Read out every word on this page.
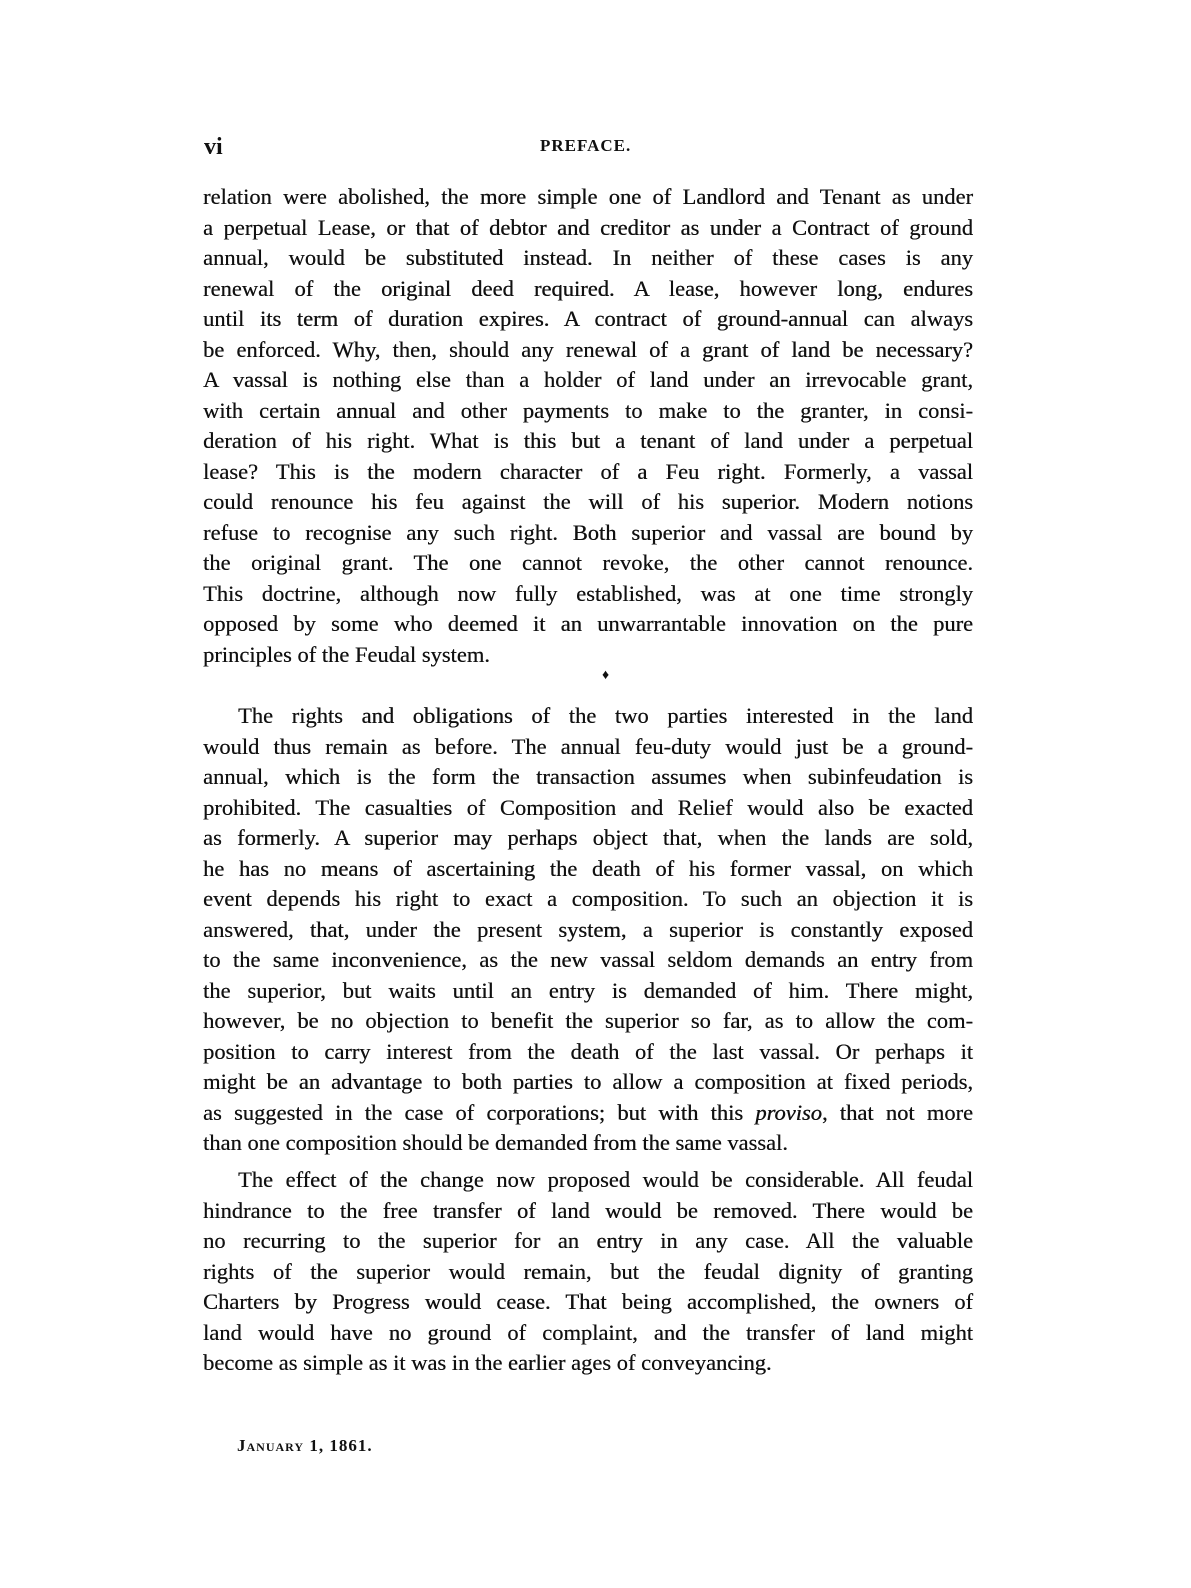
vi	PREFACE.
relation were abolished, the more simple one of Landlord and Tenant as under
a perpetual Lease, or that of debtor and creditor as under a Contract of ground
annual, would be substituted instead. In neither of these cases is any
renewal of the original deed required. A lease, however long, endures
until its term of duration expires. A contract of ground-annual can always
be enforced. Why, then, should any renewal of a grant of land be necessary?
A vassal is nothing else than a holder of land under an irrevocable grant,
with certain annual and other payments to make to the granter, in consi-
deration of his right. What is this but a tenant of land under a perpetual
lease? This is the modern character of a Feu right. Formerly, a vassal
could renounce his feu against the will of his superior. Modern notions
refuse to recognise any such right. Both superior and vassal are bound by
the original grant. The one cannot revoke, the other cannot renounce.
This doctrine, although now fully established, was at one time strongly
opposed by some who deemed it an unwarrantable innovation on the pure
principles of the Feudal system.
♦
The rights and obligations of the two parties interested in the land
would thus remain as before. The annual feu-duty would just be a ground-
annual, which is the form the transaction assumes when subinfeudation is
prohibited. The casualties of Composition and Relief would also be exacted
as formerly. A superior may perhaps object that, when the lands are sold,
he has no means of ascertaining the death of his former vassal, on which
event depends his right to exact a composition. To such an objection it is
answered, that, under the present system, a superior is constantly exposed
to the same inconvenience, as the new vassal seldom demands an entry from
the superior, but waits until an entry is demanded of him. There might,
however, be no objection to benefit the superior so far, as to allow the com-
position to carry interest from the death of the last vassal. Or perhaps it
might be an advantage to both parties to allow a composition at fixed periods,
as suggested in the case of corporations; but with this proviso, that not more
than one composition should be demanded from the same vassal.
The effect of the change now proposed would be considerable. All feudal
hindrance to the free transfer of land would be removed. There would be
no recurring to the superior for an entry in any case. All the valuable
rights of the superior would remain, but the feudal dignity of granting
Charters by Progress would cease. That being accomplished, the owners of
land would have no ground of complaint, and the transfer of land might
become as simple as it was in the earlier ages of conveyancing.
January 1, 1861.
